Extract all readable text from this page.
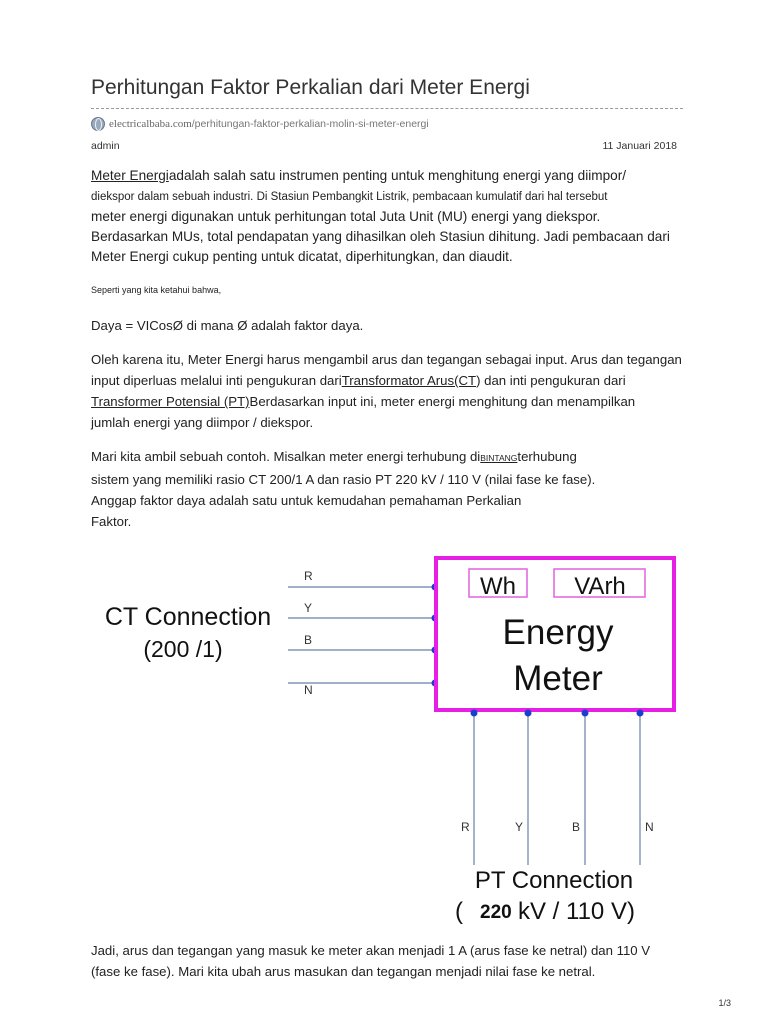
Perhitungan Faktor Perkalian dari Meter Energi
electricalbaba.com /perhitungan-faktor-perkalian-molin-si-meter-energi
admin	11 Januari 2018

Meter Energiadalah salah satu instrumen penting untuk menghitung energi yang diimpor/
diekspor dalam sebuah industri. Di Stasiun Pembangkit Listrik, pembacaan kumulatif dari hal tersebut
meter energi digunakan untuk perhitungan total Juta Unit (MU) energi yang diekspor.
Berdasarkan MUs, total pendapatan yang dihasilkan oleh Stasiun dihitung. Jadi pembacaan dari
Meter Energi cukup penting untuk dicatat, diperhitungkan, dan diaudit.

Seperti yang kita ketahui bahwa,

Daya = VICosØ di mana Ø adalah faktor daya.

Oleh karena itu, Meter Energi harus mengambil arus dan tegangan sebagai input. Arus dan tegangan
input diperluas melalui inti pengukuran dariTransformator Arus(CT) dan inti pengukuran dari
Transformer Potensial (PT)Berdasarkan input ini, meter energi menghitung dan menampilkan
jumlah energi yang diimpor / diekspor.

Mari kita ambil sebuah contoh. Misalkan meter energi terhubung diBINTANGterhubung
sistem yang memiliki rasio CT 200/1 A dan rasio PT 220 kV / 110 V (nilai fase ke fase).
Anggap faktor daya adalah satu untuk kemudahan pemahaman Perkalian
Faktor.

CT Connection
(200 /1)
R
Y
B
N
Wh VArh
Energy
Meter
R	Y	B	N
PT Connection
( 220 kV / 110 V)

Jadi, arus dan tegangan yang masuk ke meter akan menjadi 1 A (arus fase ke netral) dan 110 V
(fase ke fase). Mari kita ubah arus masukan dan tegangan menjadi nilai fase ke netral.

1/3
